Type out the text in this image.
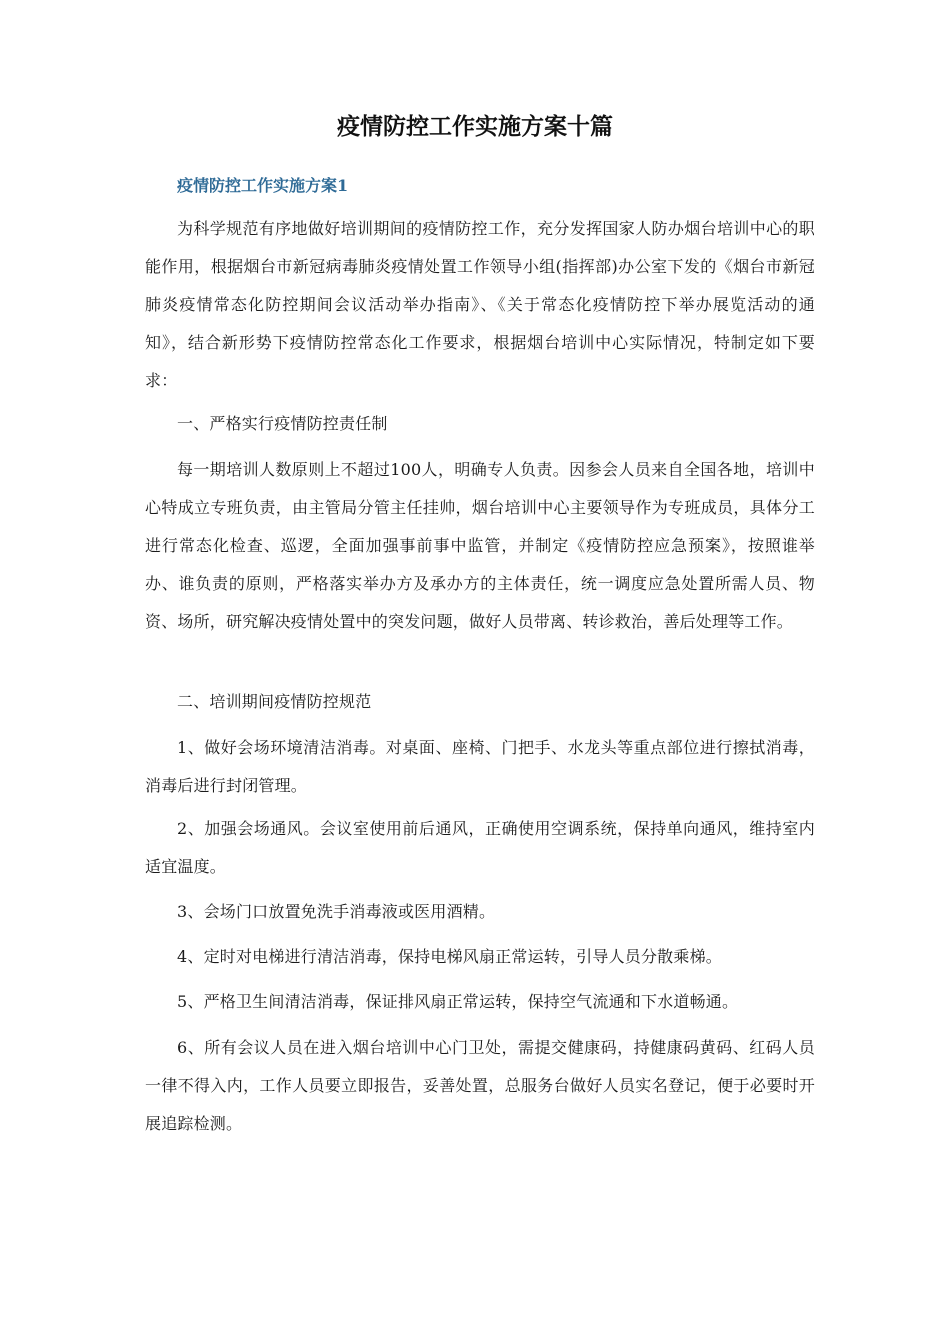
疫情防控工作实施方案十篇
疫情防控工作实施方案1

为科学规范有序地做好培训期间的疫情防控工作，充分发挥国家人防办烟台培训中心的职能作用，根据烟台市新冠病毒肺炎疫情处置工作领导小组(指挥部)办公室下发的《烟台市新冠肺炎疫情常态化防控期间会议活动举办指南》、《关于常态化疫情防控下举办展览活动的通知》，结合新形势下疫情防控常态化工作要求，根据烟台培训中心实际情况，特制定如下要求：

一、严格实行疫情防控责任制

每一期培训人数原则上不超过100人，明确专人负责。因参会人员来自全国各地，培训中心特成立专班负责，由主管局分管主任挂帅，烟台培训中心主要领导作为专班成员，具体分工进行常态化检查、巡逻，全面加强事前事中监管，并制定《疫情防控应急预案》，按照谁举办、谁负责的原则，严格落实举办方及承办方的主体责任，统一调度应急处置所需人员、物资、场所，研究解决疫情处置中的突发问题，做好人员带离、转诊救治，善后处理等工作。

二、培训期间疫情防控规范

1、做好会场环境清洁消毒。对桌面、座椅、门把手、水龙头等重点部位进行擦拭消毒，消毒后进行封闭管理。

2、加强会场通风。会议室使用前后通风，正确使用空调系统，保持单向通风，维持室内适宜温度。

3、会场门口放置免洗手消毒液或医用酒精。

4、定时对电梯进行清洁消毒，保持电梯风扇正常运转，引导人员分散乘梯。

5、严格卫生间清洁消毒，保证排风扇正常运转，保持空气流通和下水道畅通。

6、所有会议人员在进入烟台培训中心门卫处，需提交健康码，持健康码黄码、红码人员一律不得入内，工作人员要立即报告，妥善处置，总服务台做好人员实名登记，便于必要时开展追踪检测。
